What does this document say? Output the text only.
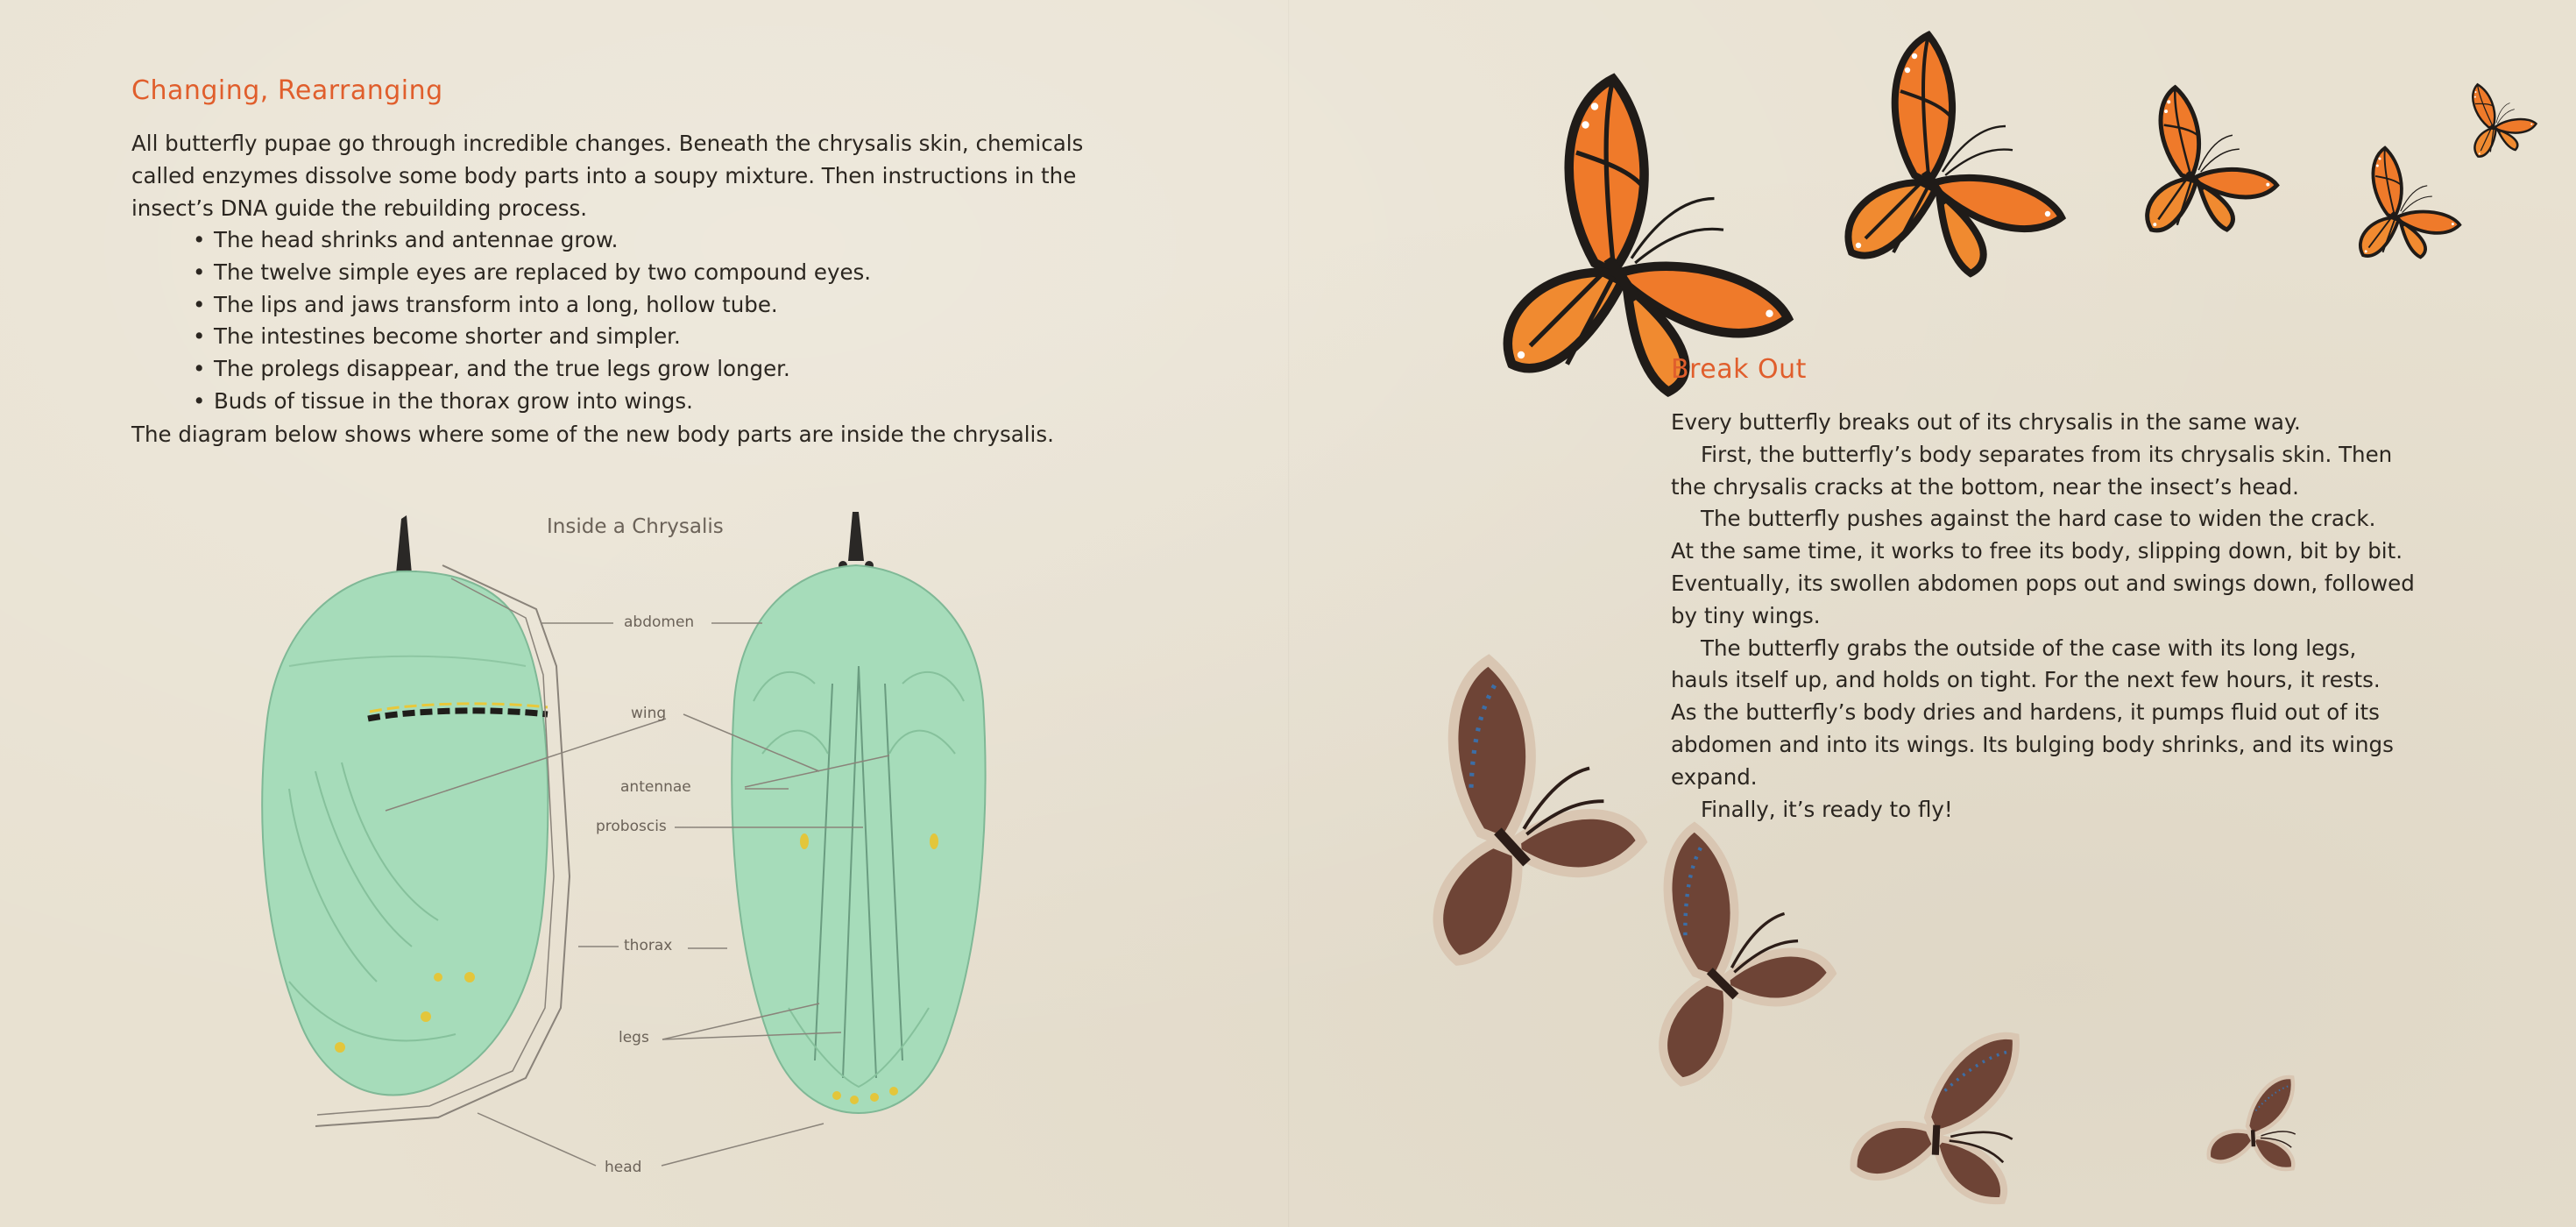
Changing, Rearranging

All butterfly pupae go through incredible changes. Beneath the chrysalis skin, chemicals
called enzymes dissolve some body parts into a soupy mixture. Then instructions in the
insect’s DNA guide the rebuilding process.

• The head shrinks and antennae grow.
• The twelve simple eyes are replaced by two compound eyes.
• The lips and jaws transform into a long, hollow tube.
• The intestines become shorter and simpler.
• The prolegs disappear, and the true legs grow longer.
• Buds of tissue in the thorax grow into wings.

The diagram below shows where some of the new body parts are inside the chrysalis.

Inside a Chrysalis
abdomen
wing
antennae
proboscis
thorax
legs
head
Break Out

Every butterfly breaks out of its chrysalis in the same way.
First, the butterfly’s body separates from its chrysalis skin. Then
the chrysalis cracks at the bottom, near the insect’s head.
The butterfly pushes against the hard case to widen the crack.
At the same time, it works to free its body, slipping down, bit by bit.
Eventually, its swollen abdomen pops out and swings down, followed
by tiny wings.
The butterfly grabs the outside of the case with its long legs,
hauls itself up, and holds on tight. For the next few hours, it rests.
As the butterfly’s body dries and hardens, it pumps fluid out of its
abdomen and into its wings. Its bulging body shrinks, and its wings
expand.
Finally, it’s ready to fly!
